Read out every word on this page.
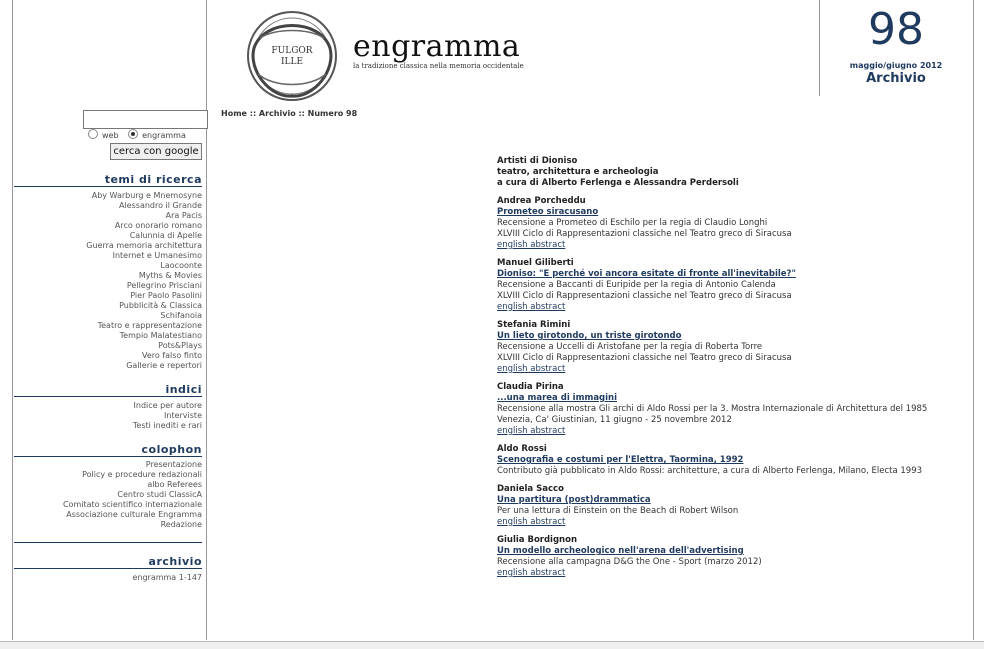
web	engramma
cerca con google
temi di ricerca
Aby Warburg e Mnemosyne
Alessandro il Grande
Ara Pacis
Arco onorario romano
Calunnia di Apelle
Guerra memoria architettura
Internet e Umanesimo
Laocoonte
Myths & Movies
Pellegrino Prisciani
Pier Paolo Pasolini
Pubblicità & Classica
Schifanoia
Teatro e rappresentazione
Tempio Malatestiano
Pots&Plays
Vero falso finto
Gallerie e repertori
indici
Indice per autore
Interviste
Testi inediti e rari
colophon
Presentazione
Policy e procedure redazionali
albo Referees
Centro studi ClassicA
Comitato scientifico internazionale
Associazione culturale Engramma
Redazione
archivio
engramma 1-147
FULGOR
ILLE engramma
la tradizione classica nella memoria occidentale
98
maggio/giugno 2012
Archivio
Home :: Archivio :: Numero 98
Artisti di Dioniso
teatro, architettura e archeologia
a cura di Alberto Ferlenga e Alessandra Perdersoli
Andrea Porcheddu
Prometeo siracusano
Recensione a Prometeo di Eschilo per la regia di Claudio Longhi
XLVIII Ciclo di Rappresentazioni classiche nel Teatro greco di Siracusa
english abstract
Manuel Giliberti
Dioniso: "E perché voi ancora esitate di fronte all'inevitabile?"
Recensione a Baccanti di Euripide per la regia di Antonio Calenda
XLVIII Ciclo di Rappresentazioni classiche nel Teatro greco di Siracusa
english abstract
Stefania Rimini
Un lieto girotondo, un triste girotondo
Recensione a Uccelli di Aristofane per la regia di Roberta Torre
XLVIII Ciclo di Rappresentazioni classiche nel Teatro greco di Siracusa
english abstract
Claudia Pirina
...una marea di immagini
Recensione alla mostra Gli archi di Aldo Rossi per la 3. Mostra Internazionale di Architettura del 1985
Venezia, Ca' Giustinian, 11 giugno - 25 novembre 2012
english abstract
Aldo Rossi
Scenografia e costumi per l'Elettra, Taormina, 1992
Contributo già pubblicato in Aldo Rossi: architetture, a cura di Alberto Ferlenga, Milano, Electa 1993
Daniela Sacco
Una partitura (post)drammatica
Per una lettura di Einstein on the Beach di Robert Wilson
english abstract
Giulia Bordignon
Un modello archeologico nell'arena dell'advertising
Recensione alla campagna D&G the One - Sport (marzo 2012)
english abstract
